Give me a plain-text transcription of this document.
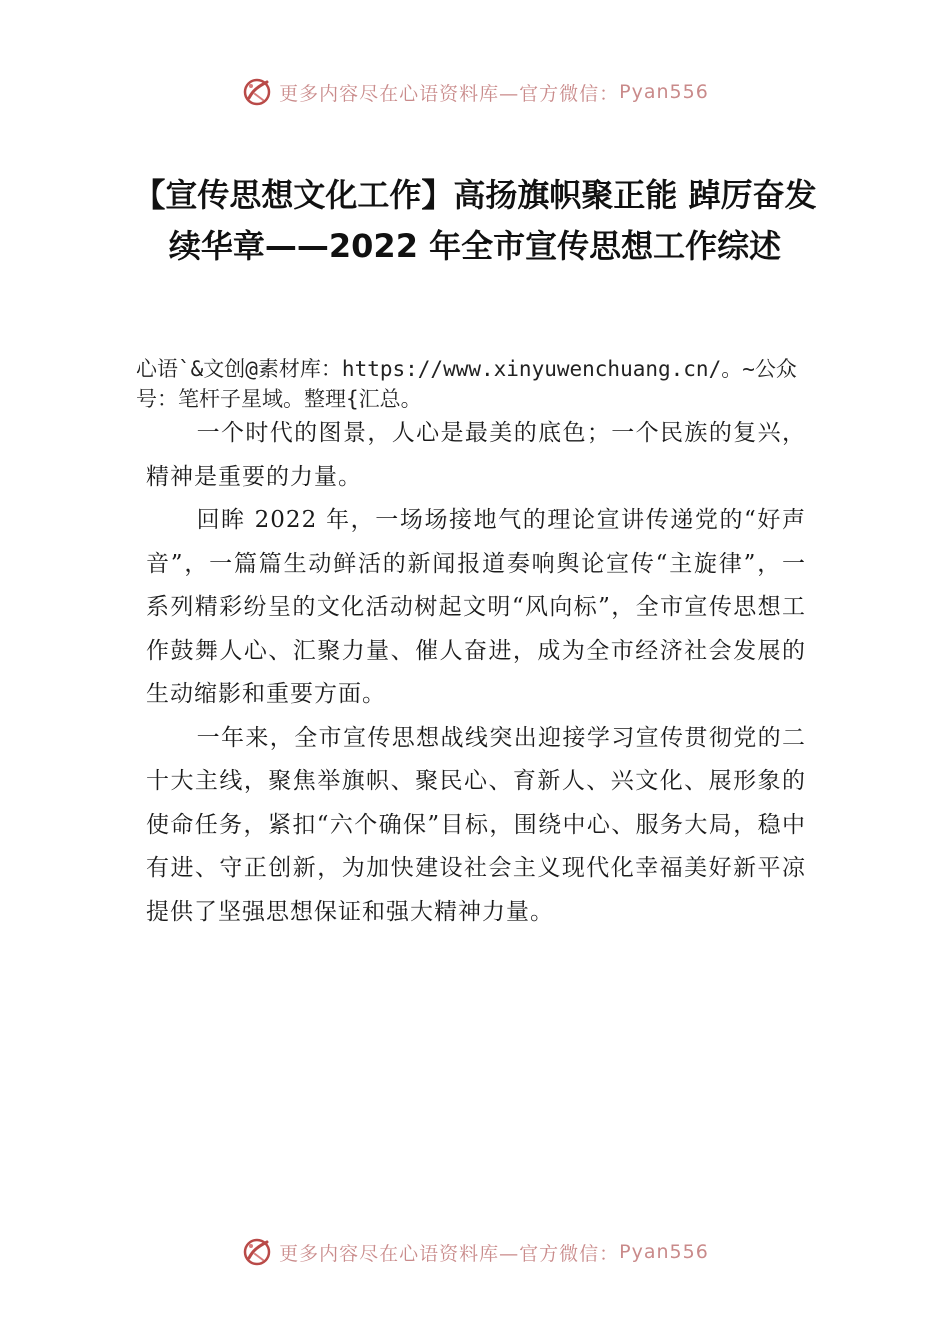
更多内容尽在心语资料库—官方微信： Pyan556
【宣传思想文化工作】高扬旗帜聚正能 踔厉奋发续华章——2022 年全市宣传思想工作综述
心语`&文创@素材库：https://www.xinyuwenchuang.cn/。~公众号：笔杆子星域。整理{汇总。

一个时代的图景，人心是最美的底色；一个民族的复兴，精神是重要的力量。

回眸 2022 年，一场场接地气的理论宣讲传递党的“好声音”，一篇篇生动鲜活的新闻报道奏响舆论宣传“主旋律”，一系列精彩纷呈的文化活动树起文明“风向标”，全市宣传思想工作鼓舞人心、汇聚力量、催人奋进，成为全市经济社会发展的生动缩影和重要方面。

一年来，全市宣传思想战线突出迎接学习宣传贯彻党的二十大主线，聚焦举旗帜、聚民心、育新人、兴文化、展形象的使命任务，紧扣“六个确保”目标，围绕中心、服务大局，稳中有进、守正创新，为加快建设社会主义现代化幸福美好新平凉提供了坚强思想保证和强大精神力量。

更多内容尽在心语资料库—官方微信： Pyan556
